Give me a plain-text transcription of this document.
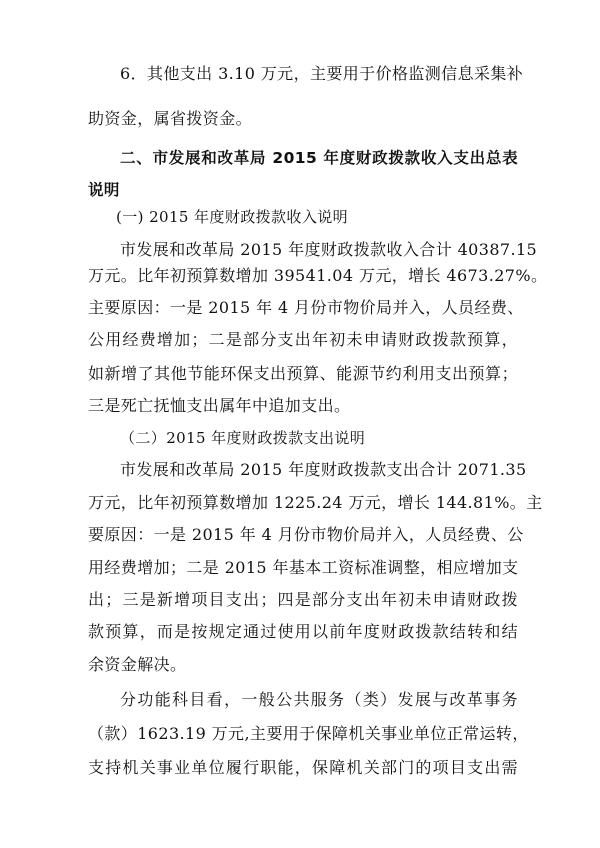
6．其他支出 3.10 万元，主要用于价格监测信息采集补
助资金，属省拨资金。
二、市发展和改革局 2015 年度财政拨款收入支出总表
说明
(一) 2015 年度财政拨款收入说明
市发展和改革局 2015 年度财政拨款收入合计 40387.15
万元。比年初预算数增加 39541.04 万元，增长 4673.27%。
主要原因：一是 2015 年 4 月份市物价局并入，人员经费、
公用经费增加；二是部分支出年初未申请财政拨款预算，
如新增了其他节能环保支出预算、能源节约利用支出预算；
三是死亡抚恤支出属年中追加支出。
（二）2015 年度财政拨款支出说明
市发展和改革局 2015 年度财政拨款支出合计 2071.35
万元，比年初预算数增加 1225.24 万元，增长 144.81%。主
要原因：一是 2015 年 4 月份市物价局并入，人员经费、公
用经费增加；二是 2015 年基本工资标准调整，相应增加支
出；三是新增项目支出；四是部分支出年初未申请财政拨
款预算，而是按规定通过使用以前年度财政拨款结转和结
余资金解决。
分功能科目看，一般公共服务（类）发展与改革事务
（款）1623.19 万元,主要用于保障机关事业单位正常运转，
支持机关事业单位履行职能，保障机关部门的项目支出需
